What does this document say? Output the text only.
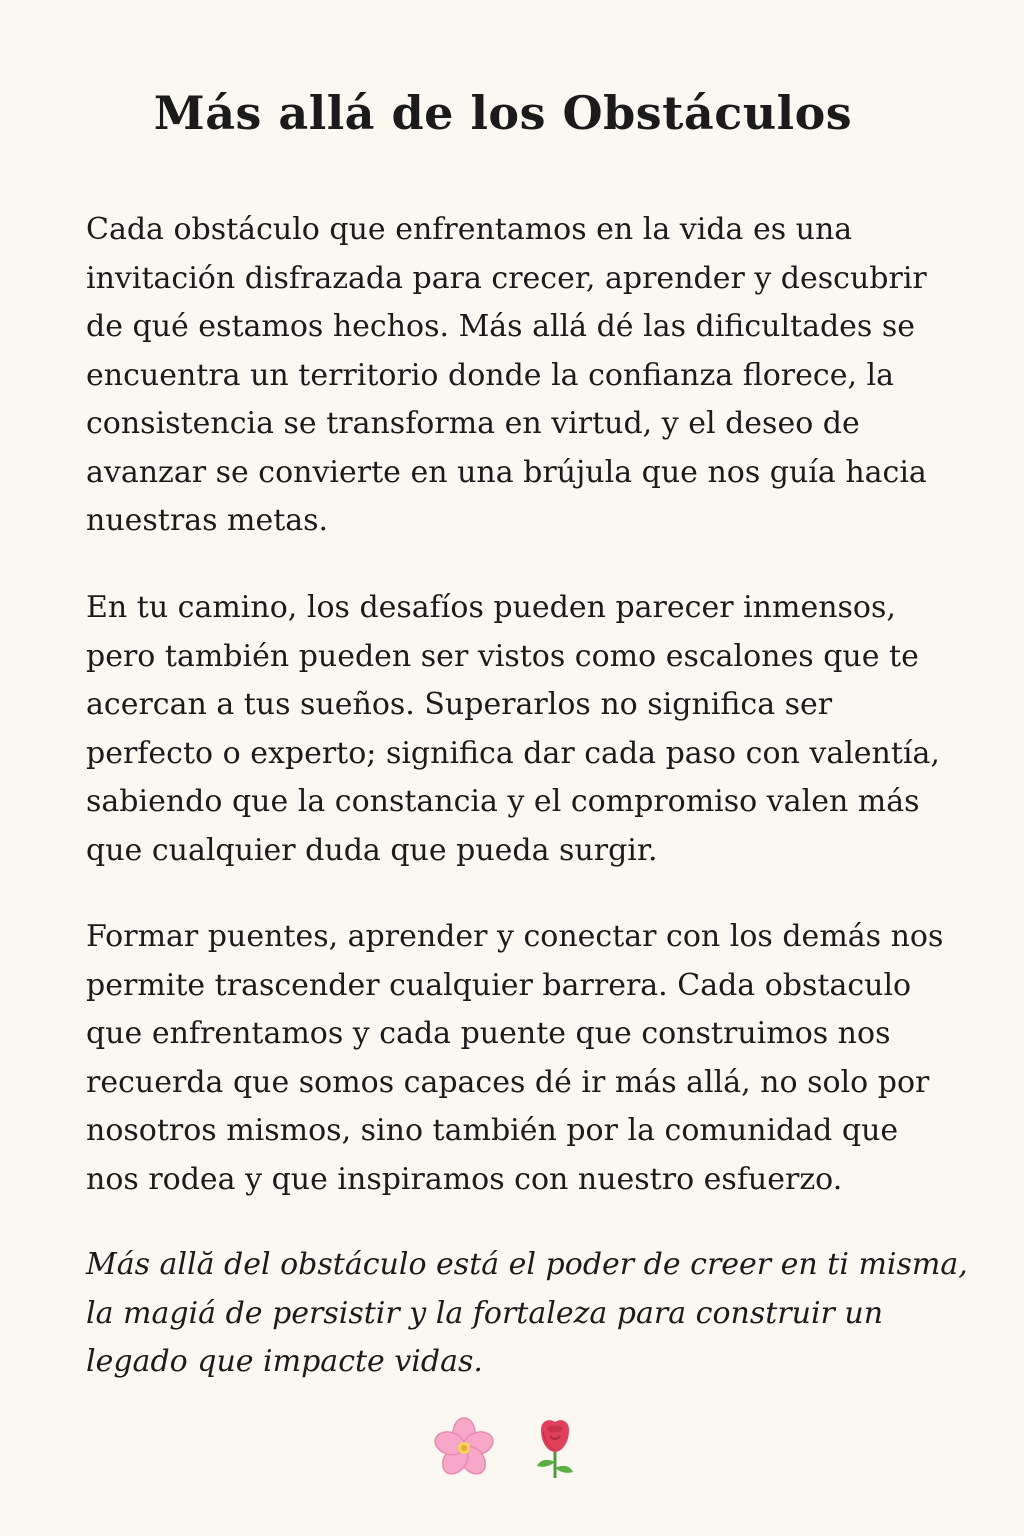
Más allá de los Obstáculos

Cada obstáculo que enfrentamos en la vida es una
invitación disfrazada para crecer, aprender y descubrir
de qué estamos hechos. Más allá dé las dificultades se
encuentra un territorio donde la confianza florece, la
consistencia se transforma en virtud, y el deseo de
avanzar se convierte en una brújula que nos guía hacia
nuestras metas.

En tu camino, los desafíos pueden parecer inmensos,
pero también pueden ser vistos como escalones que te
acercan a tus sueños. Superarlos no significa ser
perfecto o experto; significa dar cada paso con valentía,
sabiendo que la constancia y el compromiso valen más
que cualquier duda que pueda surgir.

Formar puentes, aprender y conectar con los demás nos
permite trascender cualquier barrera. Cada obstaculo
que enfrentamos y cada puente que construimos nos
recuerda que somos capaces dé ir más allá, no solo por
nosotros mismos, sino también por la comunidad que
nos rodea y que inspiramos con nuestro esfuerzo.

Más allă del obstáculo está el poder de creer en ti misma,
la magiá de persistir y la fortaleza para construir un
legado que impacte vidas.
